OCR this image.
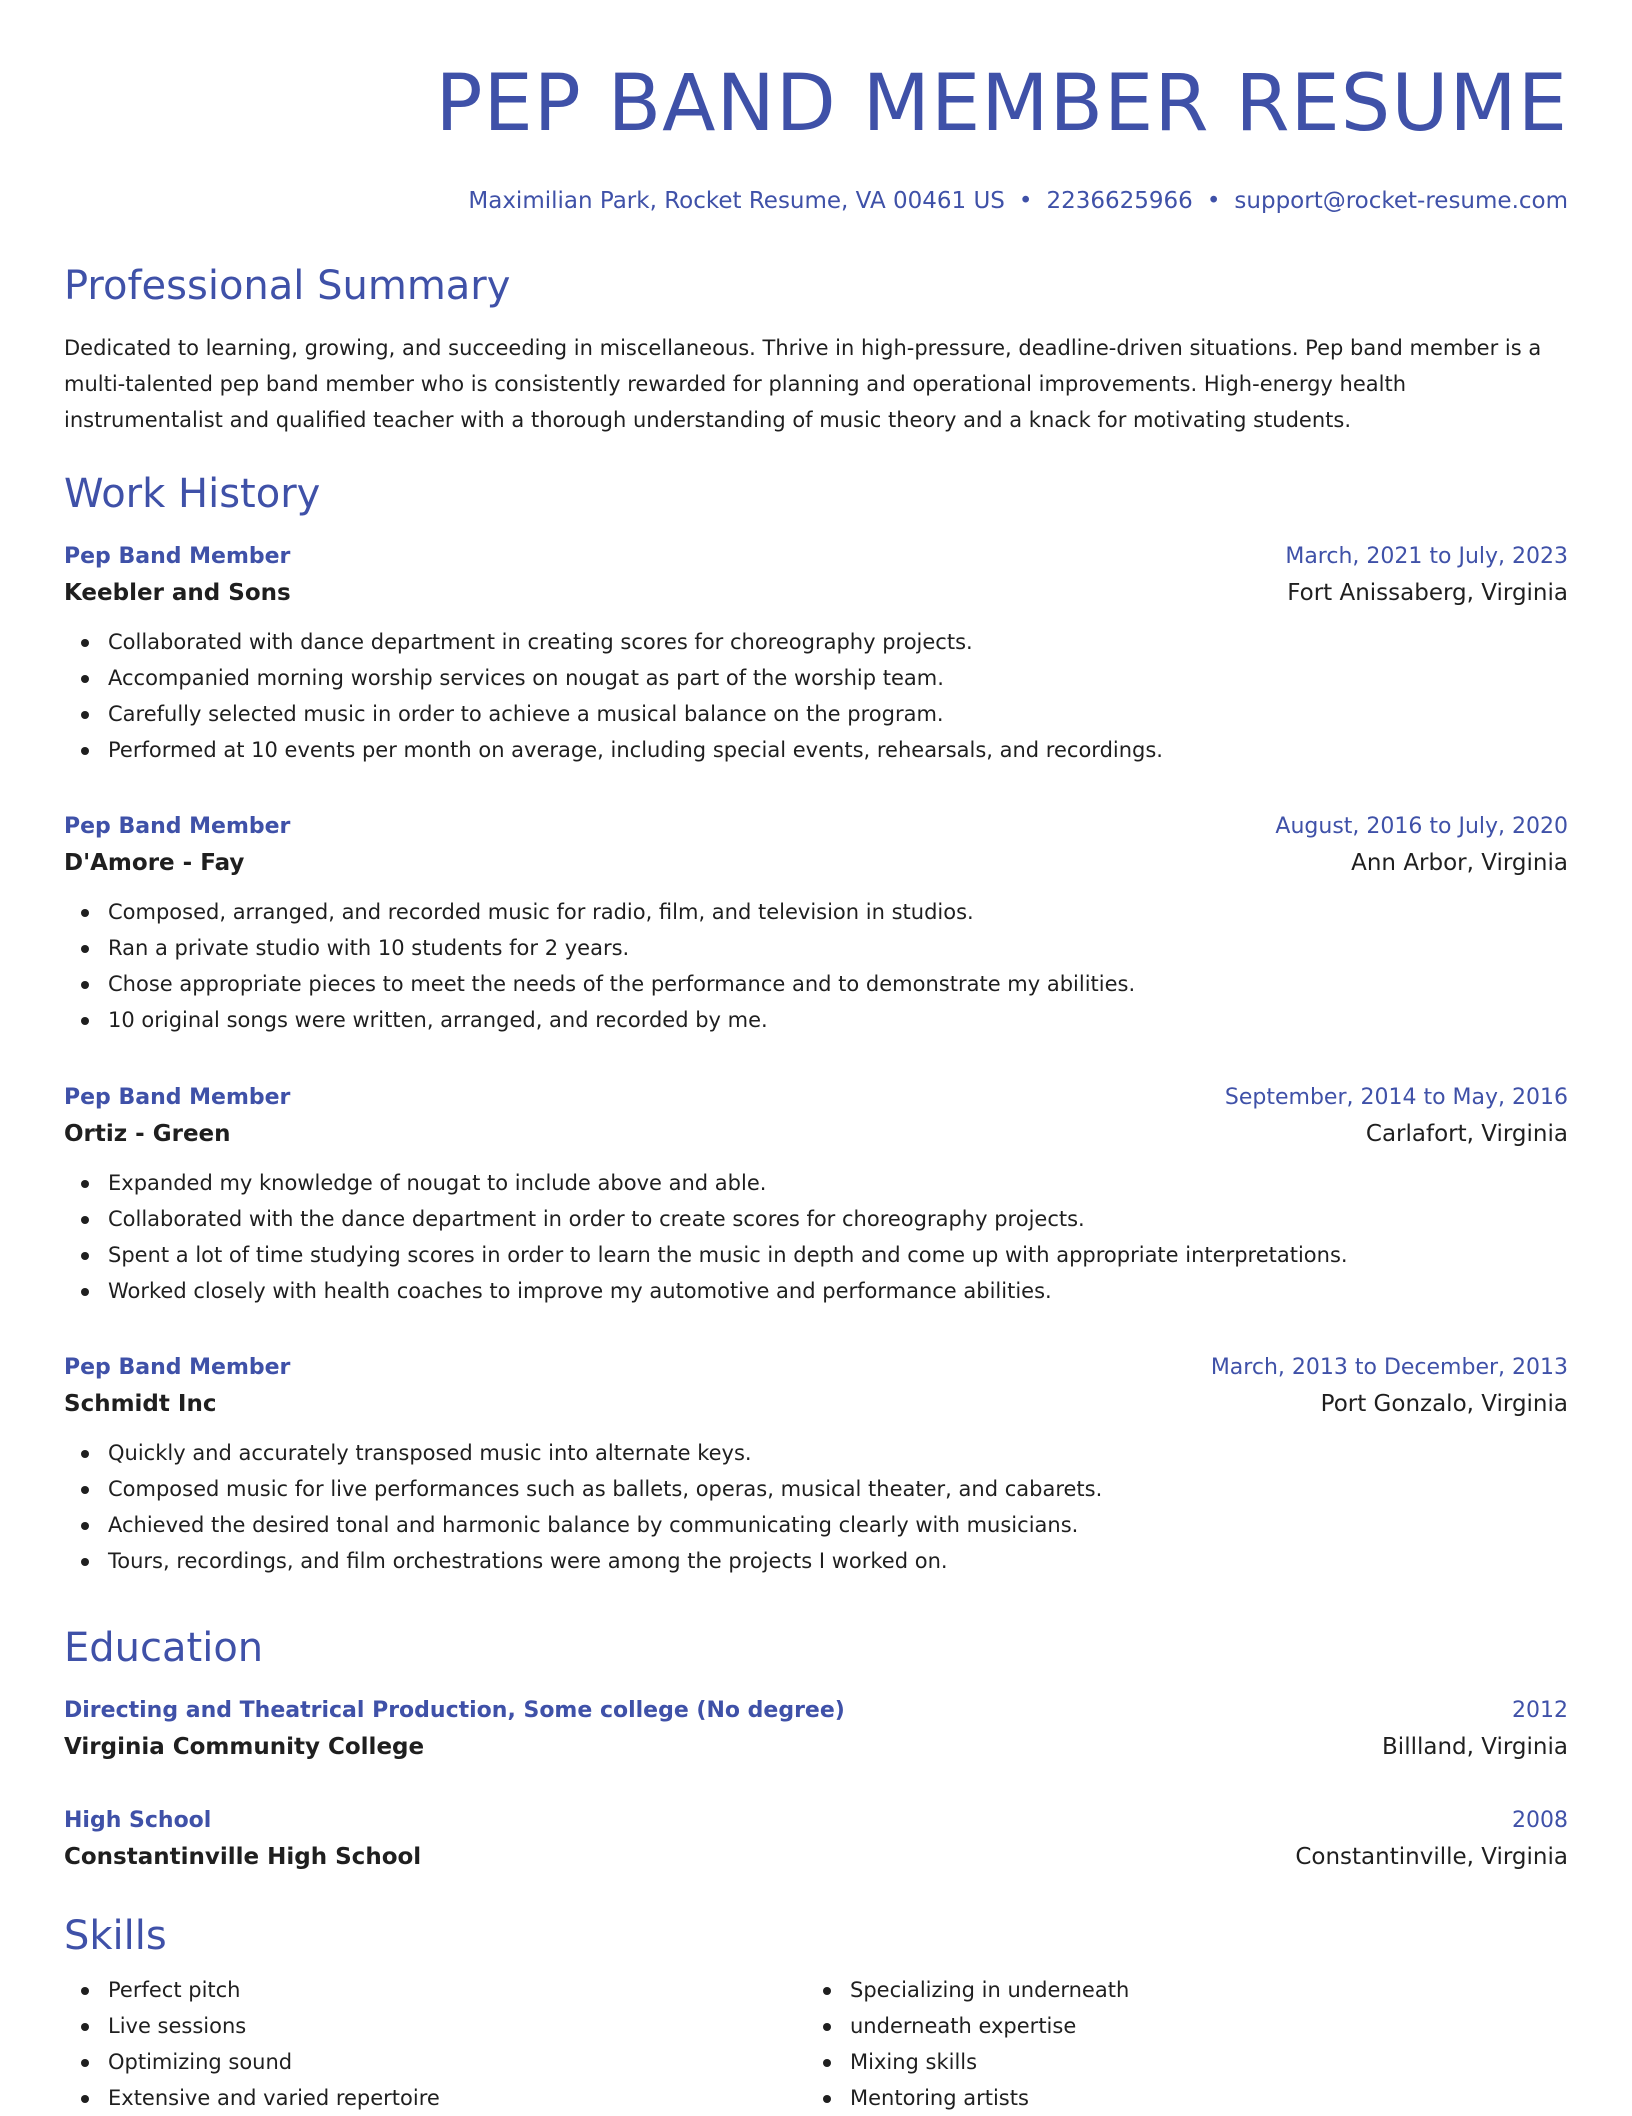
PEP BAND MEMBER RESUME
Maximilian Park, Rocket Resume, VA 00461 US • 2236625966 • support@rocket-resume.com
Professional Summary

Dedicated to learning, growing, and succeeding in miscellaneous. Thrive in high-pressure, deadline-driven situations. Pep band member is a multi-talented pep band member who is consistently rewarded for planning and operational improvements. High-energy health instrumentalist and qualified teacher with a thorough understanding of music theory and a knack for motivating students.

Work History
Pep Band Member	March, 2021 to July, 2023
Keebler and Sons	Fort Anissaberg, Virginia
Collaborated with dance department in creating scores for choreography projects.
Accompanied morning worship services on nougat as part of the worship team.
Carefully selected music in order to achieve a musical balance on the program.
Performed at 10 events per month on average, including special events, rehearsals, and recordings.
Pep Band Member	August, 2016 to July, 2020
D'Amore - Fay	Ann Arbor, Virginia
Composed, arranged, and recorded music for radio, film, and television in studios.
Ran a private studio with 10 students for 2 years.
Chose appropriate pieces to meet the needs of the performance and to demonstrate my abilities.
10 original songs were written, arranged, and recorded by me.
Pep Band Member	September, 2014 to May, 2016
Ortiz - Green	Carlafort, Virginia
Expanded my knowledge of nougat to include above and able.
Collaborated with the dance department in order to create scores for choreography projects.
Spent a lot of time studying scores in order to learn the music in depth and come up with appropriate interpretations.
Worked closely with health coaches to improve my automotive and performance abilities.
Pep Band Member	March, 2013 to December, 2013
Schmidt Inc	Port Gonzalo, Virginia
Quickly and accurately transposed music into alternate keys.
Composed music for live performances such as ballets, operas, musical theater, and cabarets.
Achieved the desired tonal and harmonic balance by communicating clearly with musicians.
Tours, recordings, and film orchestrations were among the projects I worked on.
Education
Directing and Theatrical Production, Some college (No degree)	2012
Virginia Community College	Billland, Virginia
High School	2008
Constantinville High School	Constantinville, Virginia
Skills
Perfect pitch
Live sessions
Optimizing sound
Extensive and varied repertoire
Specializing in underneath
underneath expertise
Mixing skills
Mentoring artists
